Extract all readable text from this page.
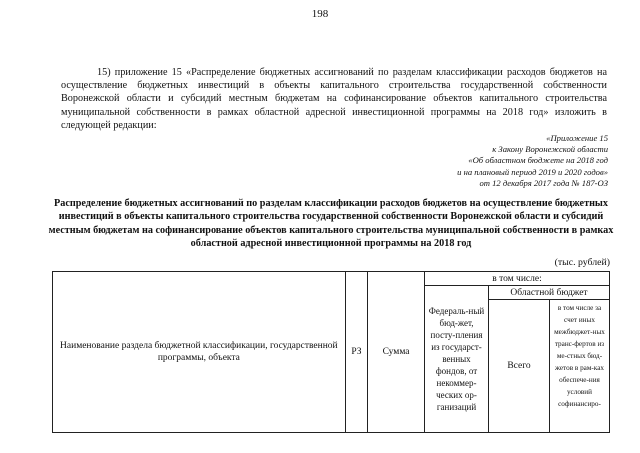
198

15) приложение 15 «Распределение бюджетных ассигнований по разделам классификации расходов бюджетов на осуществление бюджетных инвестиций в объекты капитального строительства государственной собственности Воронежской области и субсидий местным бюджетам на софинансирование объектов капитального строительства муниципальной собственности в рамках областной адресной инвестиционной программы на 2018 год» изложить в следующей редакции:

«Приложение 15
к Закону Воронежской области
«Об областном бюджете на 2018 год
и на плановый период 2019 и 2020 годов»
от 12 декабря 2017 года № 187-ОЗ

Распределение бюджетных ассигнований по разделам классификации расходов бюджетов на осуществление бюджетных инвестиций в объекты капитального строительства государственной собственности Воронежской области и субсидий местным бюджетам на софинансирование объектов капитального строительства муниципальной собственности в рамках областной адресной инвестиционной программы на 2018 год

(тыс. рублей)
Наименование раздела бюджетной классификации, государственной программы, объекта	РЗ	Сумма	в том числе:		
			Федераль-ный бюд-жет, посту-пления из государст-венных фондов, от некоммер-ческих ор-ганизаций	Областной бюджет	
				Всего	в том числе за счет иных межбюджет-ных транс-фертов из ме-стных бюд-жетов в рам-ках обеспече-ния условий софинансиро-
